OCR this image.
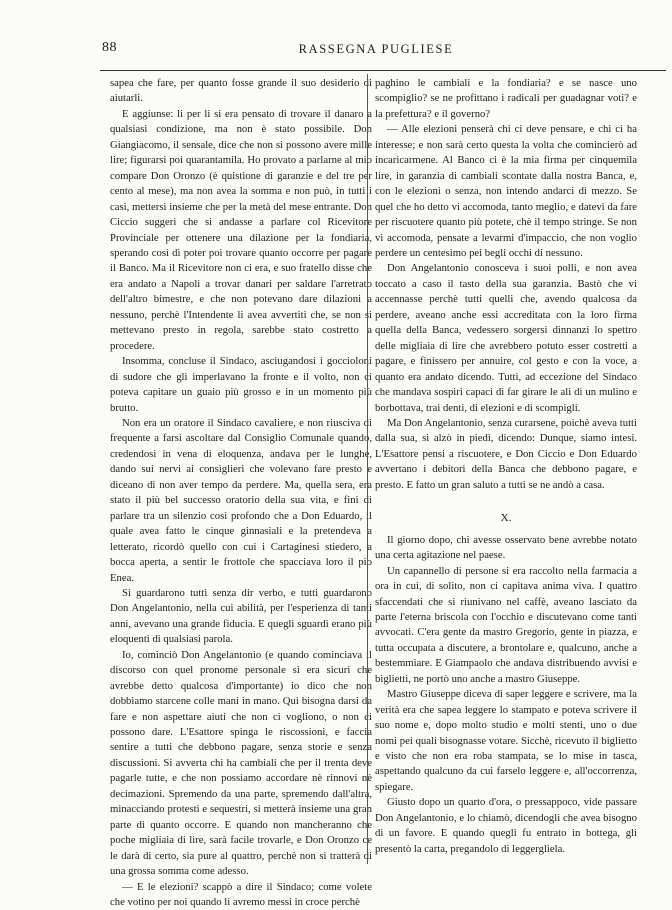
88	RASSEGNA PUGLIESE

sapea che fare, per quanto fosse grande il suo desiderio di aiutarli.

E aggiunse: li per li si era pensato di trovare il danaro a qualsiasi condizione, ma non è stato possibile. Don Giangiacomo, il sensale, dice che non si possono avere mille lire; figurarsi poi quarantamila. Ho provato a parlarne al mio compare Don Oronzo (è quistione di garanzie e del tre per cento al mese), ma non avea la somma e non può, in tutti i casi, mettersi insieme che per la metà del mese entrante. Don Ciccio suggerì che si andasse a parlare col Ricevitore Provinciale per ottenere una dilazione per la fondiaria, sperando così di poter poi trovare quanto occorre per pagare il Banco. Ma il Ricevitore non ci era, e suo fratello disse che era andato a Napoli a trovar danari per saldare l'arretrato dell'altro bimestre, e che non potevano dare dilazioni a nessuno, perchè l'Intendente li avea avvertiti che, se non si mettevano presto in regola, sarebbe stato costretto a procedere.

Insomma, concluse il Sindaco, asciugandosi i goccioloni di sudore che gli imperlavano la fronte e il volto, non ci poteva capitare un guaio più grosso e in un momento più brutto.

Non era un oratore il Sindaco cavaliere, e non riusciva di frequente a farsi ascoltare dal Consiglio Comunale quando, credendosi in vena di eloquenza, andava per le lunghe, dando sui nervi ai consiglieri che volevano fare presto e diceano di non aver tempo da perdere. Ma, quella sera, era stato il più bel successo oratorio della sua vita, e fini di parlare tra un silenzio così profondo che a Don Eduardo, il quale avea fatto le cinque ginnasiali e la pretendeva a letterato, ricordò quello con cui i Cartaginesi stiedero, a bocca aperta, a sentir le frottole che spacciava loro il pio Enea.

Si guardarono tutti senza dir verbo, e tutti guardarono Don Angelantonio, nella cui abilità, per l'esperienza di tanti anni, avevano una grande fiducia. E quegli sguardi erano più eloquenti di qualsiasi parola.

Io, cominciò Don Angelantonio (e quando cominciava il discorso con quel pronome personale si era sicuri che avrebbe detto qualcosa d'importante) io dico che non dobbiamo starcene colle mani in mano. Qui bisogna darsi da fare e non aspettare aiuti che non ci vogliono, o non ci possono dare. L'Esattore spinga le riscossioni, e faccia sentire a tutti che debbono pagare, senza storie e senza discussioni. Si avverta chi ha cambiali che per il trenta deve pagarle tutte, e che non possiamo accordare nè rinnovi nè decimazioni. Spremendo da una parte, spremendo dall'altra, minacciando protesti e sequestri, si metterà insieme una gran parte di quanto occorre. E quando non mancheranno che poche migliaia di lire, sarà facile trovarle, e Don Oronzo ce le darà di certo, sia pure al quattro, perchè non si tratterà di una grossa somma come adesso.

— E le elezioni? scappò a dire il Sindaco; come volete che votino per noi quando li avremo messi in croce perchè

paghino le cambiali e la fondiaria? e se nasce uno scompiglio? se ne profittano i radicali per guadagnar voti? e la prefettura? e il governo?

— Alle elezioni penserà chi ci deve pensare, e chi ci ha interesse; e non sarà certo questa la volta che comincierò ad incaricarmene. Al Banco ci è la mia firma per cinquemila lire, in garanzia di cambiali scontate dalla nostra Banca, e, con le elezioni o senza, non intendo andarci di mezzo. Se quel che ho detto vi accomoda, tanto meglio, e datevi da fare per riscuotere quanto più potete, chè il tempo stringe. Se non vi accomoda, pensate a levarmi d'impaccio, che non voglio perdere un centesimo pei begli occhi di nessuno.

Don Angelantonio conosceva i suoi polli, e non avea toccato a caso il tasto della sua garanzia. Bastò che vi accennasse perchè tutti quelli che, avendo qualcosa da perdere, aveano anche essi accreditata con la loro firma quella della Banca, vedessero sorgersi dinnanzi lo spettro delle migliaia di lire che avrebbero potuto esser costretti a pagare, e finissero per annuire, col gesto e con la voce, a quanto era andato dicendo. Tutti, ad eccezione del Sindaco che mandava sospiri capaci di far girare le ali di un mulino e borbottava, trai denti, di elezioni e di scompigli.

Ma Don Angelantonio, senza curarsene, poichè aveva tutti dalla sua, si alzò in piedi, dicendo: Dunque, siamo intesi. L'Esattore pensi a riscuotere, e Don Ciccio e Don Eduardo avvertano i debitori della Banca che debbono pagare, e presto. E fatto un gran saluto a tutti se ne andò a casa.

X.

Il giorno dopo, chi avesse osservato bene avrebbe notato una certa agitazione nel paese.

Un capannello di persone si era raccolto nella farmacia a ora in cui, di solito, non ci capitava anima viva. I quattro sfaccendati che si riunivano nel caffè, aveano lasciato da parte l'eterna briscola con l'occhio e discutevano come tanti avvocati. C'era gente da mastro Gregorio, gente in piazza, e tutta occupata a discutere, a brontolare e, qualcuno, anche a bestemmiare. E Giampaolo che andava distribuendo avvisi e biglietti, ne portò uno anche a mastro Giuseppe.

Mastro Giuseppe diceva di saper leggere e scrivere, ma la verità era che sapea leggere lo stampato e poteva scrivere il suo nome e, dopo molto studio e molti stenti, uno o due nomi pei quali bisognasse votare. Sicchè, ricevuto il biglietto e visto che non era roba stampata, se lo mise in tasca, aspettando qualcuno da cui farselo leggere e, all'occorrenza, spiegare.

Giusto dopo un quarto d'ora, o pressappoco, vide passare Don Angelantonio, e lo chiamò, dicendogli che avea bisogno di un favore. E quando quegli fu entrato in bottega, gli presentò la carta, pregandolo di leggergliela.
